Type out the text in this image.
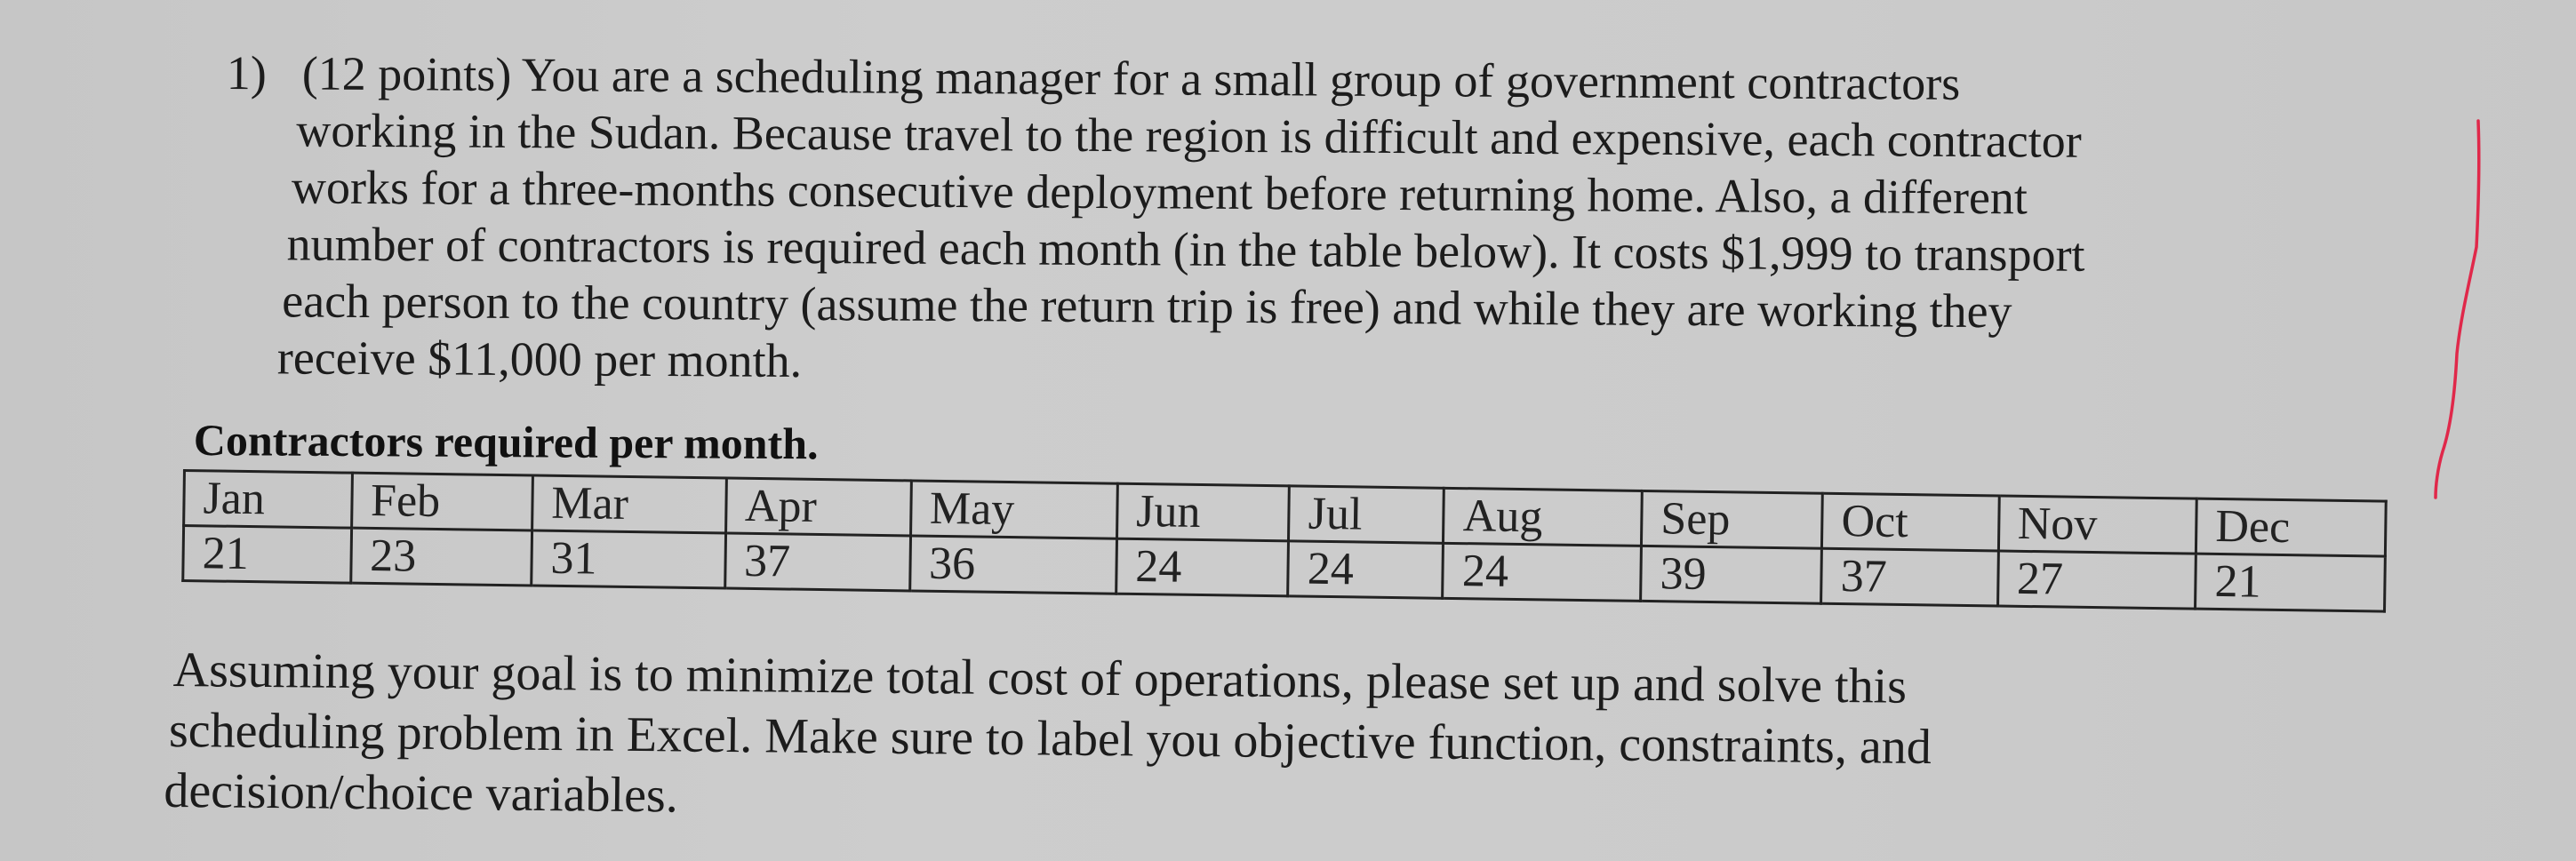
1) (12 points) You are a scheduling manager for a small group of government contractors
working in the Sudan. Because travel to the region is difficult and expensive, each contractor
works for a three-months consecutive deployment before returning home. Also, a different
number of contractors is required each month (in the table below). It costs $1,999 to transport
each person to the country (assume the return trip is free) and while they are working they
receive $11,000 per month.
Contractors required per month.
Jan	Feb	Mar	Apr	May	Jun	Jul	Aug	Sep	Oct	Nov	Dec
21	23	31	37	36	24	24	24	39	37	27	21
Assuming your goal is to minimize total cost of operations, please set up and solve this
scheduling problem in Excel. Make sure to label you objective function, constraints, and
decision/choice variables.
